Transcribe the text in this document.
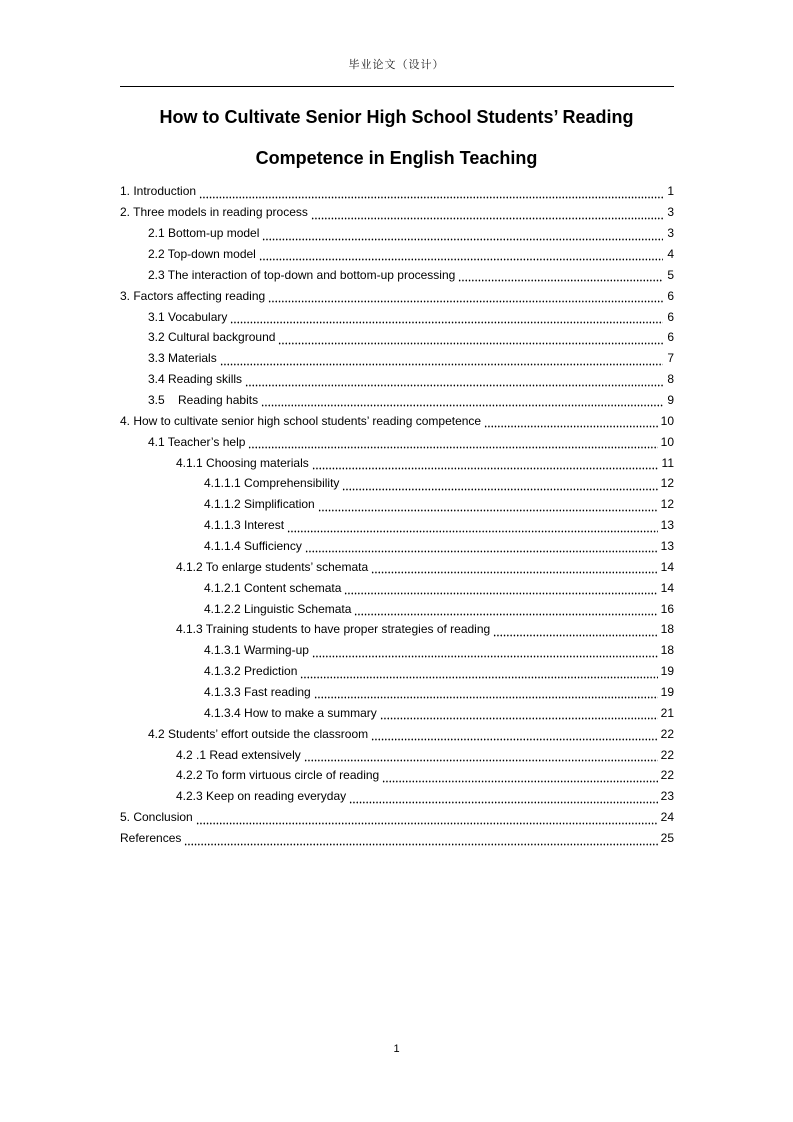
毕业论文（设计）
How to Cultivate Senior High School Students’ Reading
Competence in English Teaching
1. Introduction	1
2. Three models in reading process	3
2.1 Bottom-up model	3
2.2 Top-down model	4
2.3 The interaction of top-down and bottom-up processing	5
3. Factors affecting reading	6
3.1 Vocabulary	6
3.2 Cultural background	6
3.3 Materials	7
3.4 Reading skills	8
3.5    Reading habits	9
4. How to cultivate senior high school students’ reading competence	10
4.1 Teacher’s help	10
4.1.1 Choosing materials	11
4.1.1.1 Comprehensibility	12
4.1.1.2 Simplification	12
4.1.1.3 Interest	13
4.1.1.4 Sufficiency	13
4.1.2 To enlarge students’ schemata	14
4.1.2.1 Content schemata	14
4.1.2.2 Linguistic Schemata	16
4.1.3 Training students to have proper strategies of reading	18
4.1.3.1 Warming-up	18
4.1.3.2 Prediction	19
4.1.3.3 Fast reading	19
4.1.3.4 How to make a summary	21
4.2 Students’ effort outside the classroom	22
4.2 .1 Read extensively	22
4.2.2 To form virtuous circle of reading	22
4.2.3 Keep on reading everyday	23
5. Conclusion	24
References	25
1
